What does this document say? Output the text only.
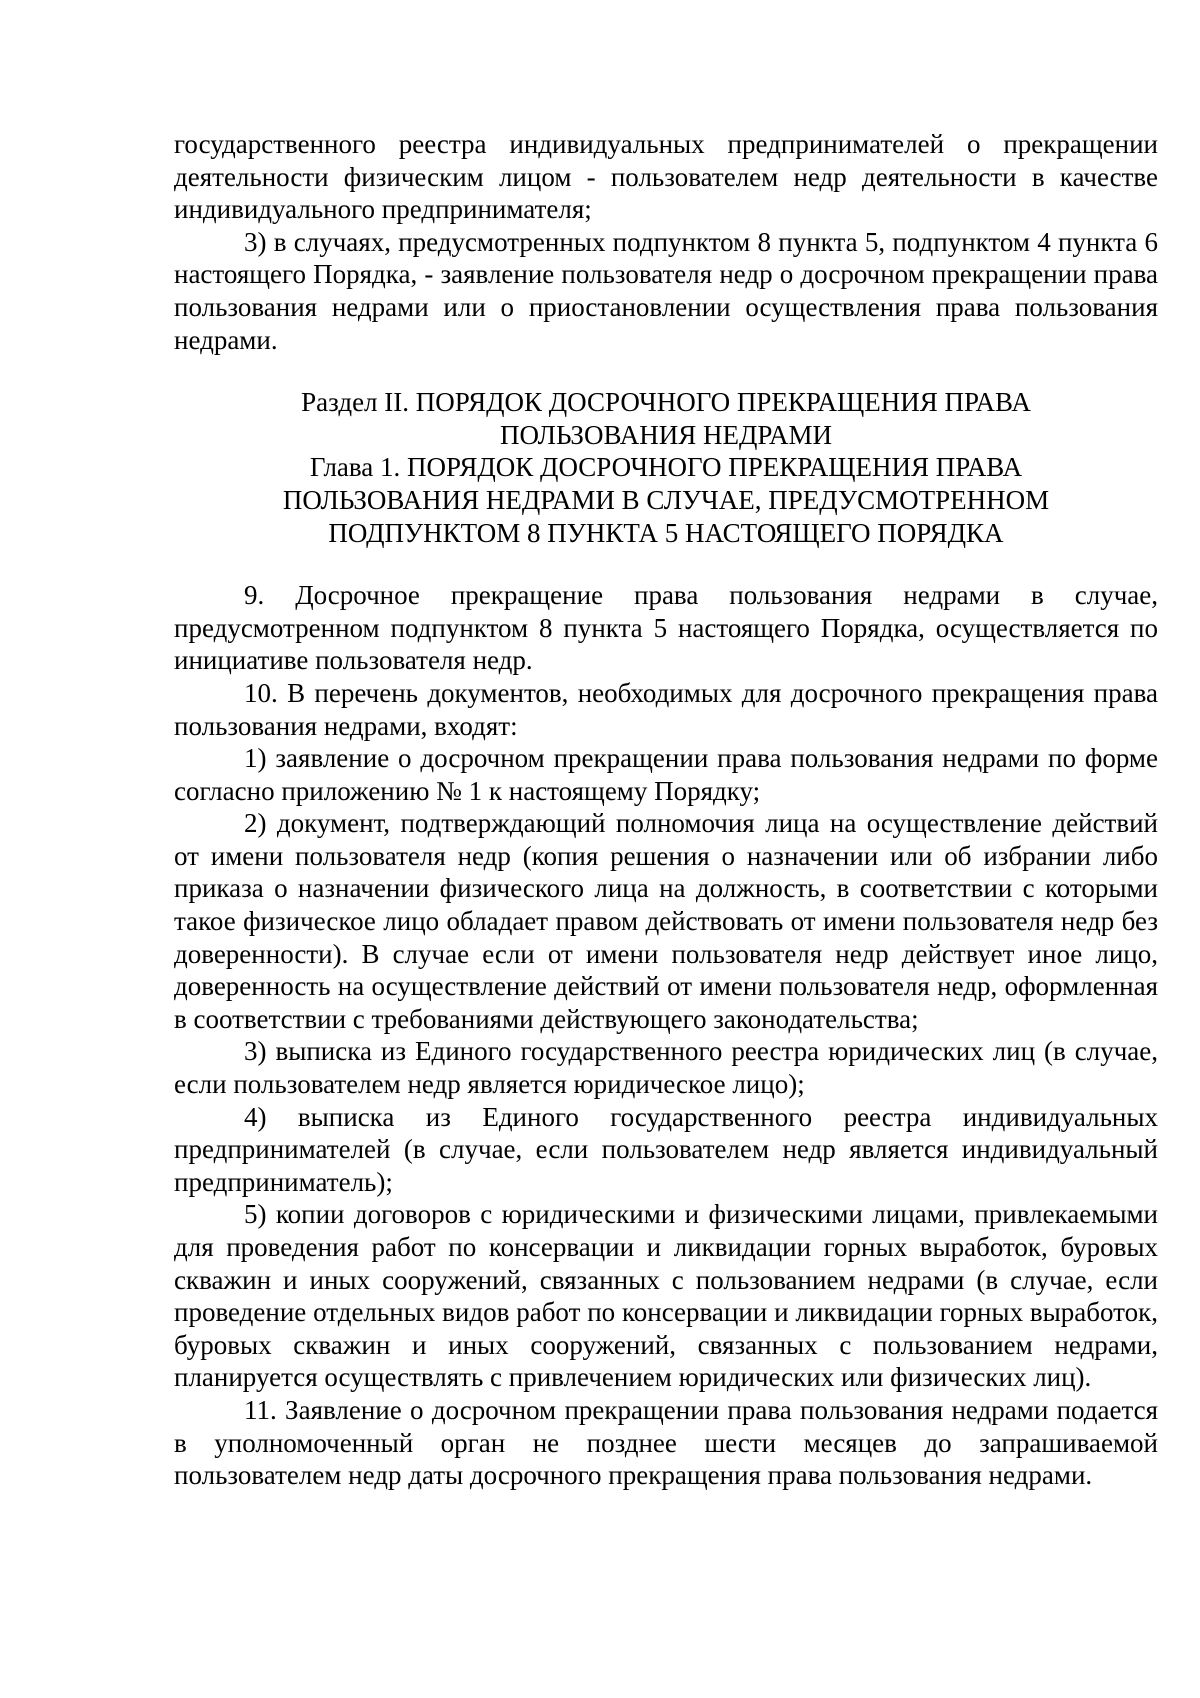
государственного реестра индивидуальных предпринимателей о прекращении деятельности физическим лицом - пользователем недр деятельности в качестве индивидуального предпринимателя;

3) в случаях, предусмотренных подпунктом 8 пункта 5, подпунктом 4 пункта 6 настоящего Порядка, - заявление пользователя недр о досрочном прекращении права пользования недрами или о приостановлении осуществления права пользования недрами.

Раздел II. ПОРЯДОК ДОСРОЧНОГО ПРЕКРАЩЕНИЯ ПРАВА

ПОЛЬЗОВАНИЯ НЕДРАМИ

Глава 1. ПОРЯДОК ДОСРОЧНОГО ПРЕКРАЩЕНИЯ ПРАВА

ПОЛЬЗОВАНИЯ НЕДРАМИ В СЛУЧАЕ, ПРЕДУСМОТРЕННОМ

ПОДПУНКТОМ 8 ПУНКТА 5 НАСТОЯЩЕГО ПОРЯДКА

9. Досрочное прекращение права пользования недрами в случае, предусмотренном подпунктом 8 пункта 5 настоящего Порядка, осуществляется по инициативе пользователя недр.

10. В перечень документов, необходимых для досрочного прекращения права пользования недрами, входят:

1) заявление о досрочном прекращении права пользования недрами по форме согласно приложению № 1 к настоящему Порядку;

2) документ, подтверждающий полномочия лица на осуществление действий от имени пользователя недр (копия решения о назначении или об избрании либо приказа о назначении физического лица на должность, в соответствии с которыми такое физическое лицо обладает правом действовать от имени пользователя недр без доверенности). В случае если от имени пользователя недр действует иное лицо, доверенность на осуществление действий от имени пользователя недр, оформленная в соответствии с требованиями действующего законодательства;

3) выписка из Единого государственного реестра юридических лиц (в случае, если пользователем недр является юридическое лицо);

4) выписка из Единого государственного реестра индивидуальных предпринимателей (в случае, если пользователем недр является индивидуальный предприниматель);

5) копии договоров с юридическими и физическими лицами, привлекаемыми для проведения работ по консервации и ликвидации горных выработок, буровых скважин и иных сооружений, связанных с пользованием недрами (в случае, если проведение отдельных видов работ по консервации и ликвидации горных выработок, буровых скважин и иных сооружений, связанных с пользованием недрами, планируется осуществлять с привлечением юридических или физических лиц).

11. Заявление о досрочном прекращении права пользования недрами подается в уполномоченный орган не позднее шести месяцев до запрашиваемой пользователем недр даты досрочного прекращения права пользования недрами.
